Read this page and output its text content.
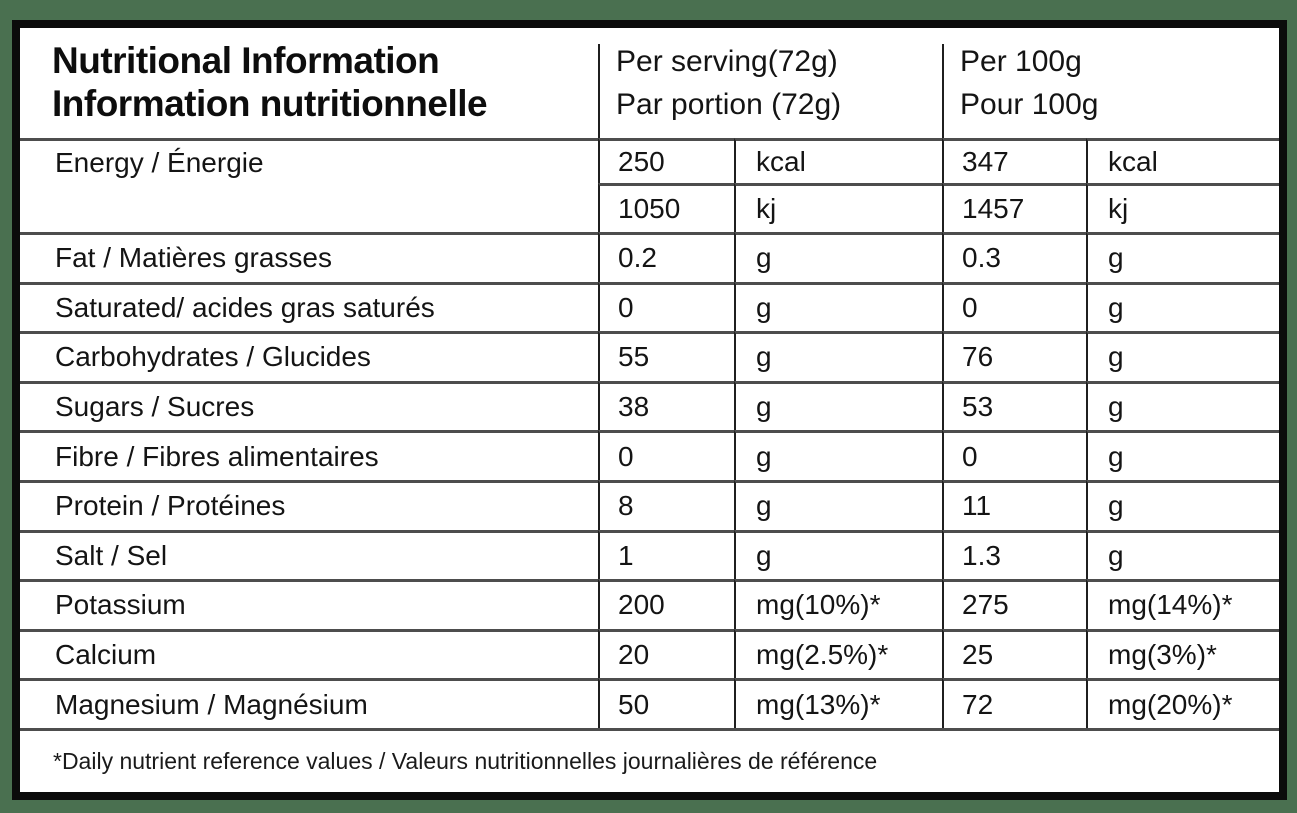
Nutritional Information
Information nutritionnelle
Per serving(72g)
Par portion (72g)
Per 100g
Pour 100g
Energy / Énergie	250	kcal	347	kcal
1050	kj	1457	kj
Fat / Matières grasses	0.2	g	0.3	g
Saturated/ acides gras saturés	0	g	0	g
Carbohydrates / Glucides	55	g	76	g
Sugars / Sucres	38	g	53	g
Fibre / Fibres alimentaires	0	g	0	g
Protein / Protéines	8	g	11	g
Salt / Sel	1	g	1.3	g
Potassium	200	mg(10%)*	275	mg(14%)*
Calcium	20	mg(2.5%)*	25	mg(3%)*
Magnesium / Magnésium	50	mg(13%)*	72	mg(20%)*
*Daily nutrient reference values / Valeurs nutritionnelles journalières de référence
